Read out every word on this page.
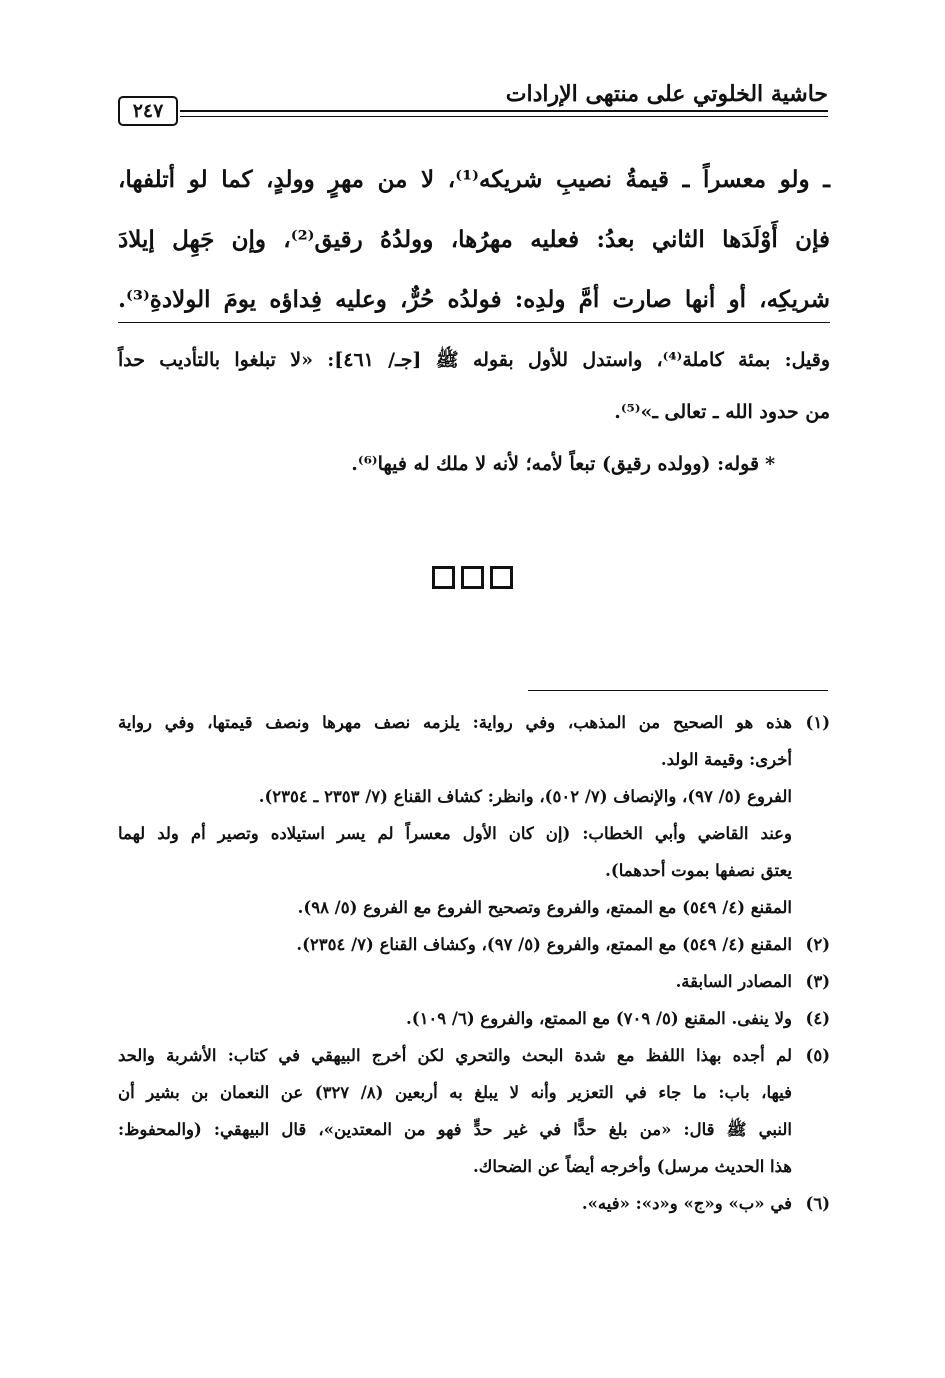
حاشية الخلوتي على منتهى الإرادات
٢٤٧
ـ ولو معسراً ـ قيمةُ نصيبِ شريكه⁽¹⁾، لا من مهرٍ وولدٍ، كما لو أتلفها،
فإن أَوْلَدَها الثاني بعدُ: فعليه مهرُها، وولدُهُ رقيق⁽²⁾، وإن جَهِل إيلادَ
شريكِه، أو أنها صارت أمَّ ولدِه: فولدُه حُرٌّ، وعليه فِداؤه يومَ الولادةِ⁽³⁾.
وقيل: بمئة كاملة⁽⁴⁾، واستدل للأول بقوله ﷺ [جـ/ ٤٦١]: «لا تبلغوا بالتأديب حداً
من حدود الله ـ تعالى ـ»⁽⁵⁾.
*قوله: (وولده رقيق) تبعاً لأمه؛ لأنه لا ملك له فيها⁽⁶⁾.
(١)
هذه هو الصحيح من المذهب، وفي رواية: يلزمه نصف مهرها ونصف قيمتها، وفي رواية
أخرى: وقيمة الولد.
الفروع (٥/ ٩٧)، والإنصاف (٧/ ٥٠٢)، وانظر: كشاف القناع (٧/ ٢٣٥٣ ـ ٢٣٥٤).
وعند القاضي وأبي الخطاب: (إن كان الأول معسراً لم يسر استيلاده وتصير أم ولد لهما
يعتق نصفها بموت أحدهما).
المقنع (٤/ ٥٤٩) مع الممتع، والفروع وتصحيح الفروع مع الفروع (٥/ ٩٨).
(٢)
المقنع (٤/ ٥٤٩) مع الممتع، والفروع (٥/ ٩٧)، وكشاف القناع (٧/ ٢٣٥٤).
(٣)
المصادر السابقة.
(٤)
ولا ينفى. المقنع (٥/ ٧٠٩) مع الممتع، والفروع (٦/ ١٠٩).
(٥)
لم أجده بهذا اللفظ مع شدة البحث والتحري لكن أخرج البيهقي في كتاب: الأشربة والحد
فيها، باب: ما جاء في التعزير وأنه لا يبلغ به أربعين (٨/ ٣٢٧) عن النعمان بن بشير أن
النبي ﷺ قال: «من بلغ حدًّا في غير حدٍّ فهو من المعتدين»، قال البيهقي: (والمحفوظ:
هذا الحديث مرسل) وأخرجه أيضاً عن الضحاك.
(٦)
في «ب» و«ج» و«د»: «فيه».
